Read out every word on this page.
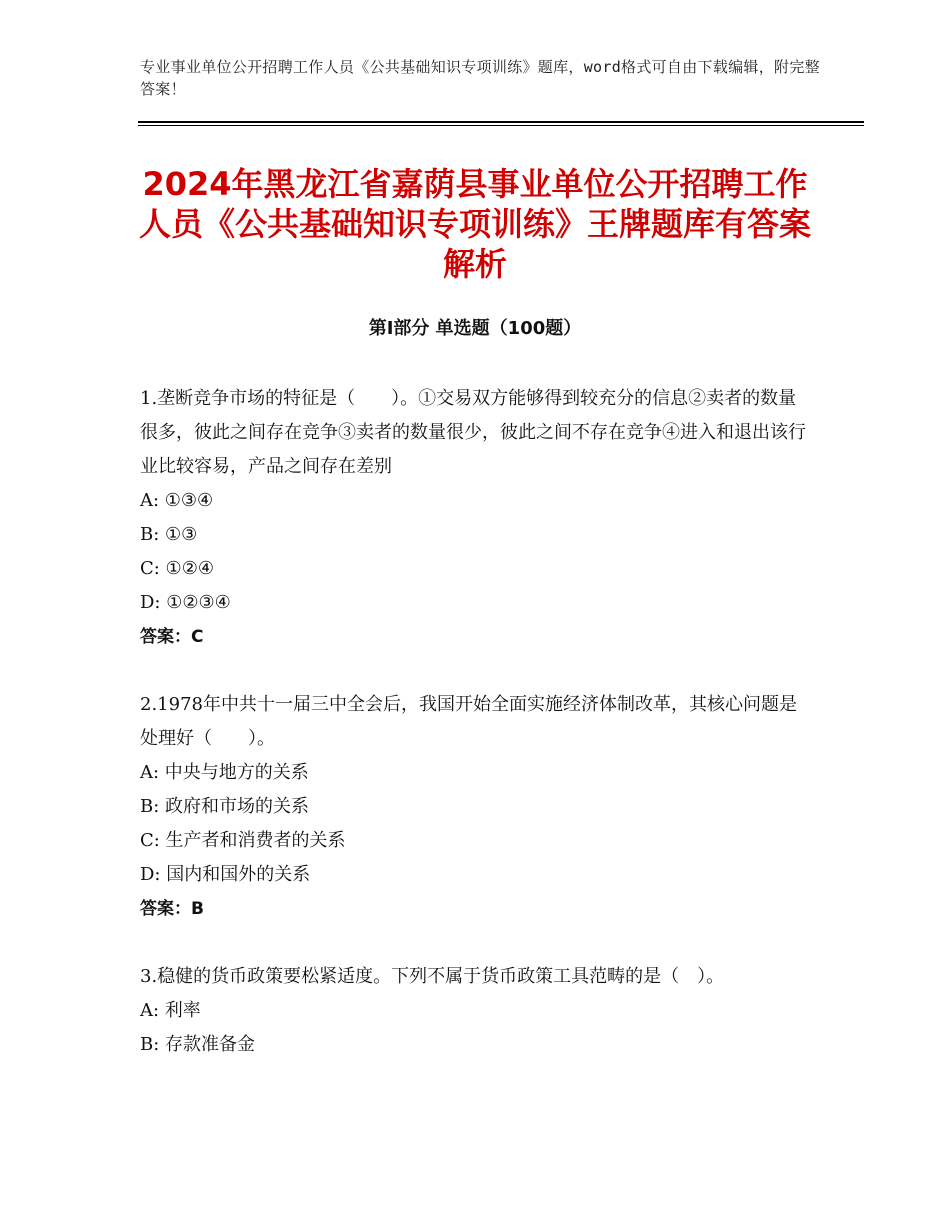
专业事业单位公开招聘工作人员《公共基础知识专项训练》题库，word格式可自由下载编辑，附完整答案！
2024年黑龙江省嘉荫县事业单位公开招聘工作人员《公共基础知识专项训练》王牌题库有答案解析
第I部分 单选题（100题）

1.垄断竞争市场的特征是（　　）。①交易双方能够得到较充分的信息②卖者的数量很多，彼此之间存在竞争③卖者的数量很少，彼此之间不存在竞争④进入和退出该行业比较容易，产品之间存在差别

A: ①③④

B: ①③

C: ①②④

D: ①②③④

答案：C

2.1978年中共十一届三中全会后，我国开始全面实施经济体制改革，其核心问题是处理好（　　）。

A: 中央与地方的关系

B: 政府和市场的关系

C: 生产者和消费者的关系

D: 国内和国外的关系

答案：B

3.稳健的货币政策要松紧适度。下列不属于货币政策工具范畴的是（　）。

A: 利率

B: 存款准备金
